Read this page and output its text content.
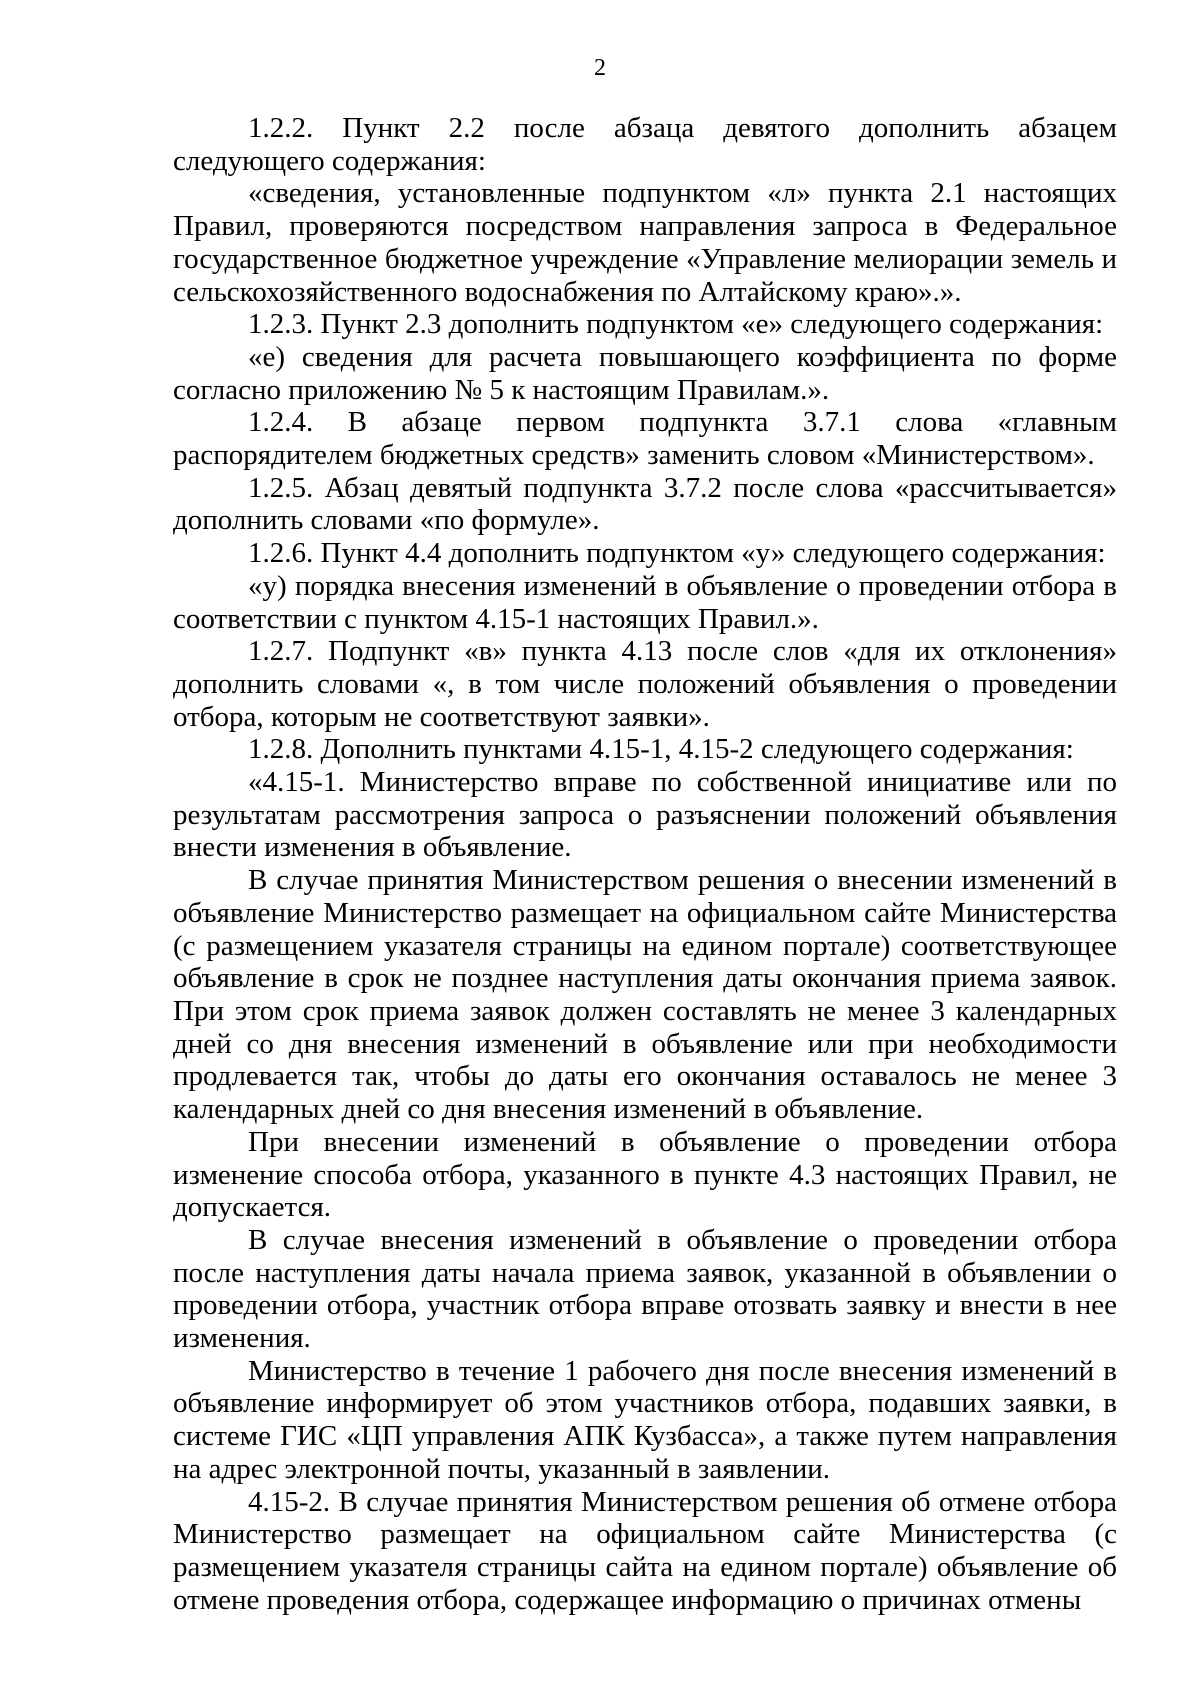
2

1.2.2. Пункт 2.2 после абзаца девятого дополнить абзацем следующего содержания:

«сведения, установленные подпунктом «л» пункта 2.1 настоящих Правил, проверяются посредством направления запроса в Федеральное государственное бюджетное учреждение «Управление мелиорации земель и сельскохозяйственного водоснабжения по Алтайскому краю».».

1.2.3. Пункт 2.3 дополнить подпунктом «е» следующего содержания:

«е) сведения для расчета повышающего коэффициента по форме согласно приложению № 5 к настоящим Правилам.».

1.2.4. В абзаце первом подпункта 3.7.1 слова «главным распорядителем бюджетных средств» заменить словом «Министерством».

1.2.5. Абзац девятый подпункта 3.7.2 после слова «рассчитывается» дополнить словами «по формуле».

1.2.6. Пункт 4.4 дополнить подпунктом «у» следующего содержания:

«у) порядка внесения изменений в объявление о проведении отбора в соответствии с пунктом 4.15-1 настоящих Правил.».

1.2.7. Подпункт «в» пункта 4.13 после слов «для их отклонения» дополнить словами «, в том числе положений объявления о проведении отбора, которым не соответствуют заявки».

1.2.8. Дополнить пунктами 4.15-1, 4.15-2 следующего содержания:

«4.15-1. Министерство вправе по собственной инициативе или по результатам рассмотрения запроса о разъяснении положений объявления внести изменения в объявление.

В случае принятия Министерством решения о внесении изменений в объявление Министерство размещает на официальном сайте Министерства (с размещением указателя страницы на едином портале) соответствующее объявление в срок не позднее наступления даты окончания приема заявок. При этом срок приема заявок должен составлять не менее 3 календарных дней со дня внесения изменений в объявление или при необходимости продлевается так, чтобы до даты его окончания оставалось не менее 3 календарных дней со дня внесения изменений в объявление.

При внесении изменений в объявление о проведении отбора изменение способа отбора, указанного в пункте 4.3 настоящих Правил, не допускается.

В случае внесения изменений в объявление о проведении отбора после наступления даты начала приема заявок, указанной в объявлении о проведении отбора, участник отбора вправе отозвать заявку и внести в нее изменения.

Министерство в течение 1 рабочего дня после внесения изменений в объявление информирует об этом участников отбора, подавших заявки, в системе ГИС «ЦП управления АПК Кузбасса», а также путем направления на адрес электронной почты, указанный в заявлении.

4.15-2. В случае принятия Министерством решения об отмене отбора Министерство размещает на официальном сайте Министерства (с размещением указателя страницы сайта на едином портале) объявление об отмене проведения отбора, содержащее информацию о причинах отмены
